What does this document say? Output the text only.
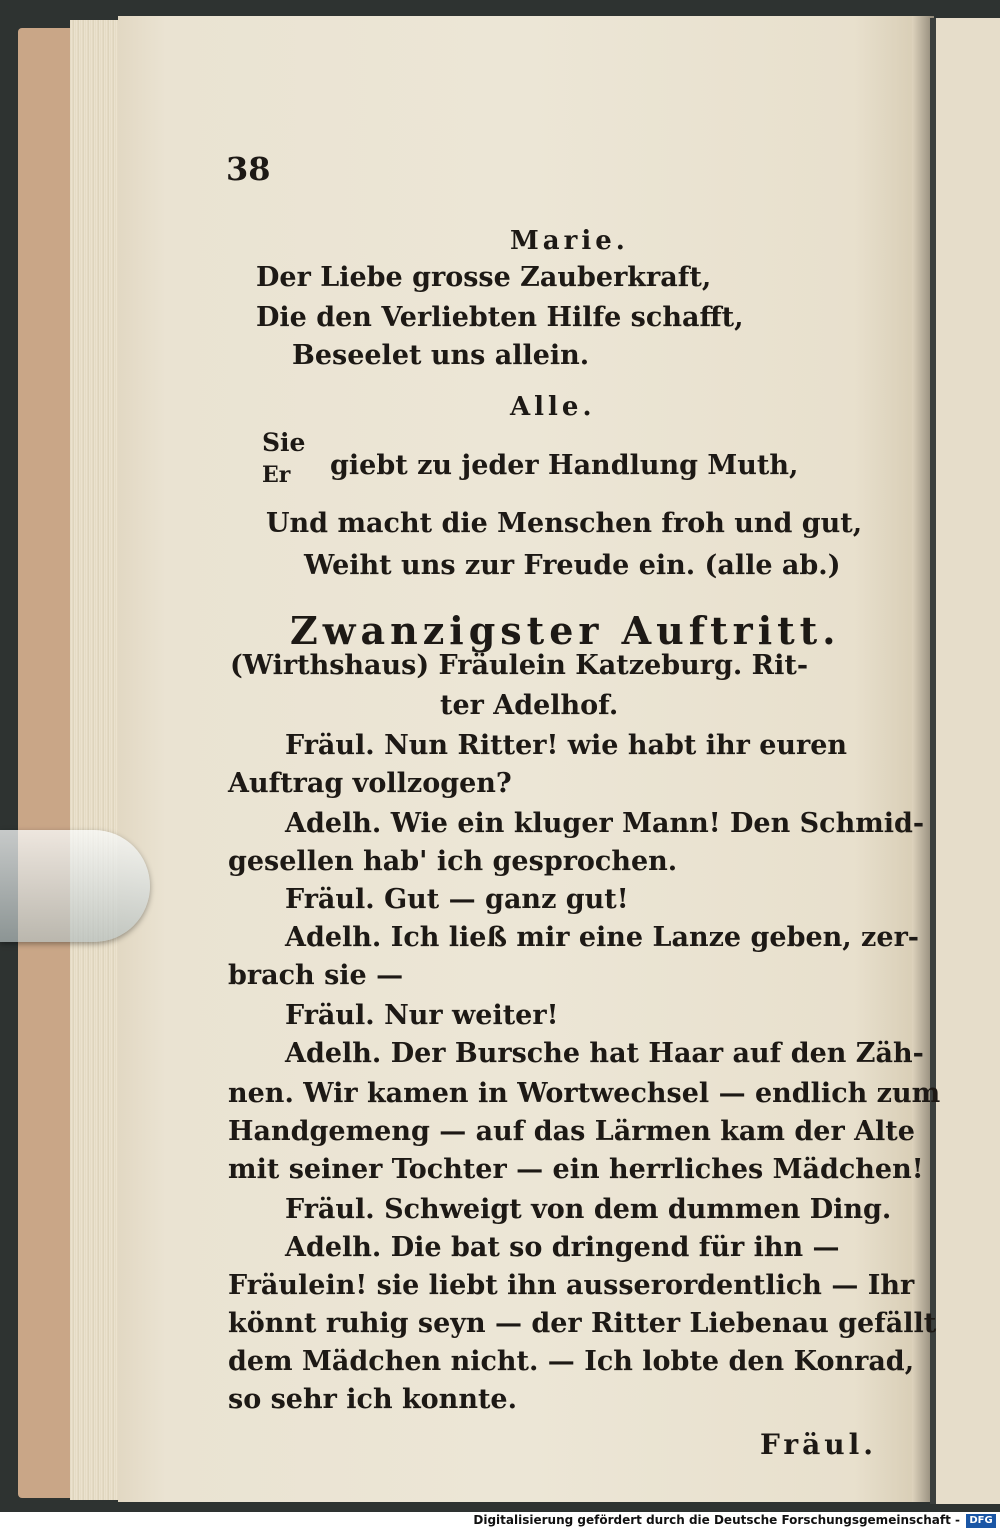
38
Marie.
Der Liebe grosse Zauberkraft,
Die den Verliebten Hilfe schafft,
Beseelet uns allein.
Alle.
Sie
Er giebt zu jeder Handlung Muth,
Und macht die Menschen froh und gut,
Weiht uns zur Freude ein. (alle ab.)
Zwanzigster Auftritt.
(Wirthshaus) Fräulein Katzeburg. Rit-
ter Adelhof.
Fräul. Nun Ritter! wie habt ihr euren
Auftrag vollzogen?
Adelh. Wie ein kluger Mann! Den Schmid-
gesellen hab' ich gesprochen.
Fräul. Gut — ganz gut!
Adelh. Ich ließ mir eine Lanze geben, zer-
brach sie —
Fräul. Nur weiter!
Adelh. Der Bursche hat Haar auf den Zäh-
nen. Wir kamen in Wortwechsel — endlich zum
Handgemeng — auf das Lärmen kam der Alte
mit seiner Tochter — ein herrliches Mädchen!
Fräul. Schweigt von dem dummen Ding.
Adelh. Die bat so dringend für ihn —
Fräulein! sie liebt ihn ausserordentlich — Ihr
könnt ruhig seyn — der Ritter Liebenau gefällt
dem Mädchen nicht. — Ich lobte den Konrad,
so sehr ich konnte.
Fräul.
Digitalisierung gefördert durch die Deutsche Forschungsgemeinschaft - DFG
